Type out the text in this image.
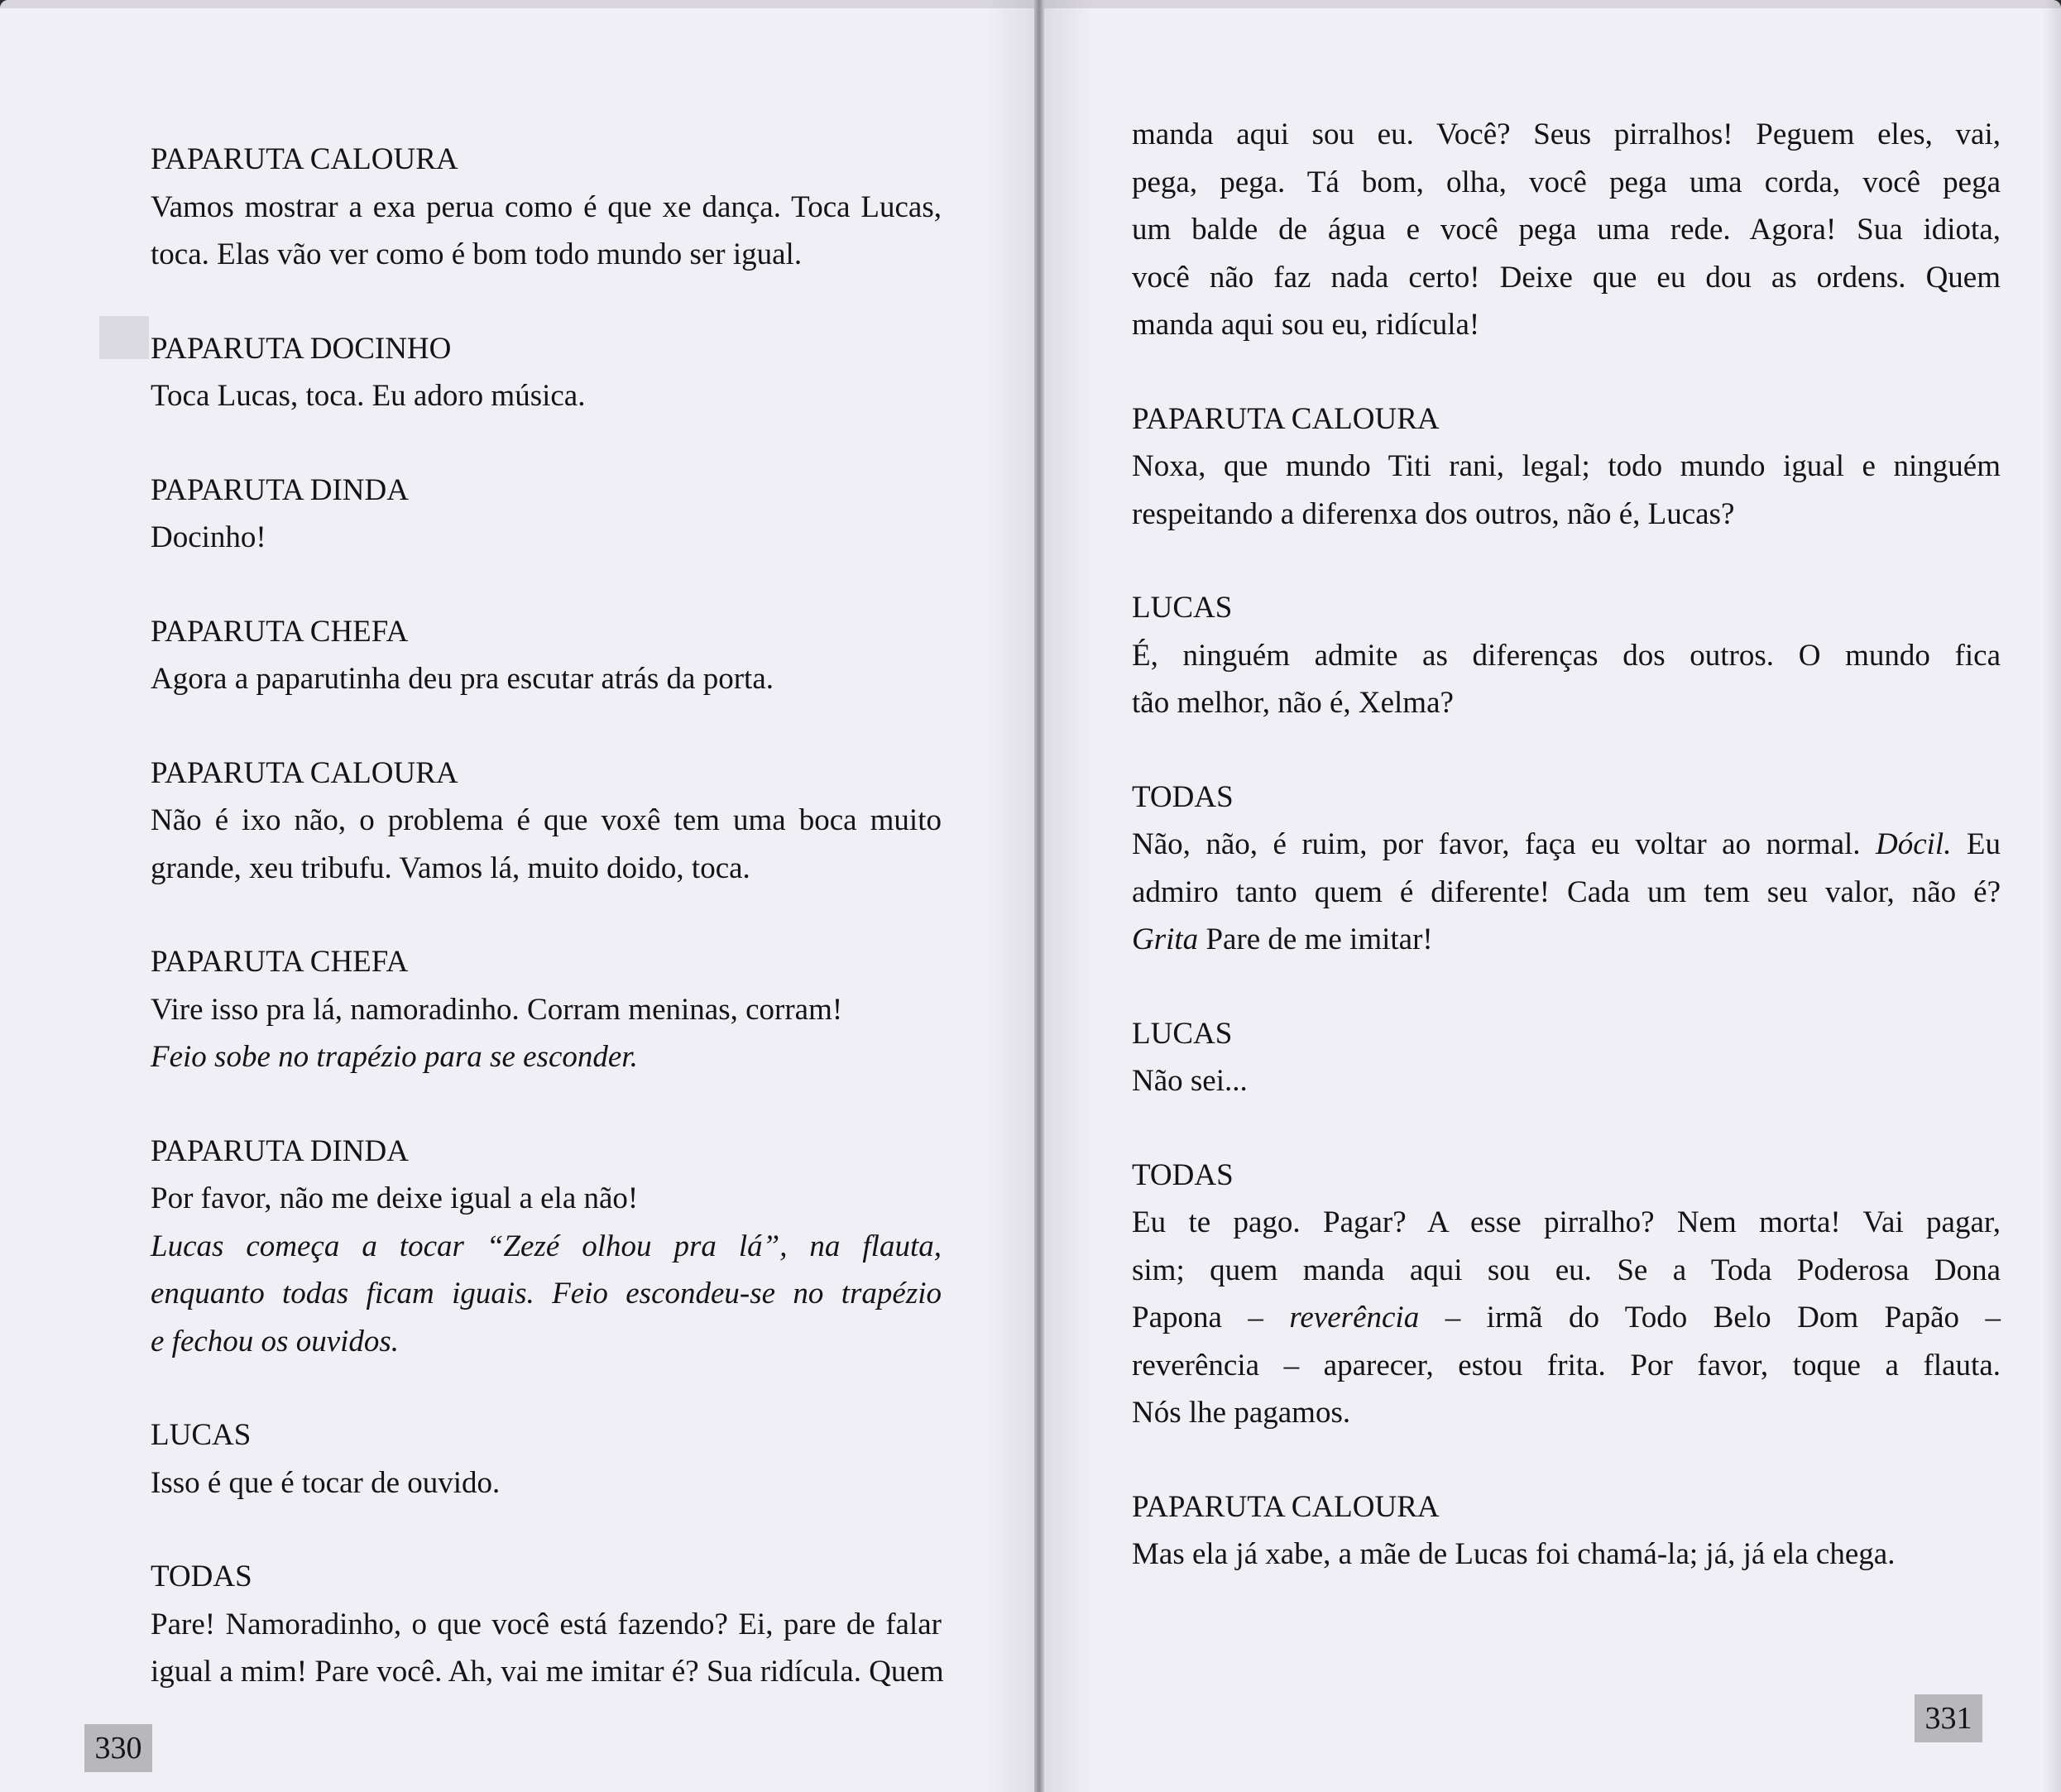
PAPARUTA CALOURA
Vamos mostrar a exa perua como é que xe dança. Toca Lucas,
toca. Elas vão ver como é bom todo mundo ser igual.
PAPARUTA DOCINHO
Toca Lucas, toca. Eu adoro música.
PAPARUTA DINDA
Docinho!
PAPARUTA CHEFA
Agora a paparutinha deu pra escutar atrás da porta.
PAPARUTA CALOURA
Não é ixo não, o problema é que voxê tem uma boca muito
grande, xeu tribufu. Vamos lá, muito doido, toca.
PAPARUTA CHEFA
Vire isso pra lá, namoradinho. Corram meninas, corram!
Feio sobe no trapézio para se esconder.
PAPARUTA DINDA
Por favor, não me deixe igual a ela não!
Lucas começa a tocar “Zezé olhou pra lá”, na flauta,
enquanto todas ficam iguais. Feio escondeu-se no trapézio
e fechou os ouvidos.
LUCAS
Isso é que é tocar de ouvido.
TODAS
Pare! Namoradinho, o que você está fazendo? Ei, pare de falar
igual a mim! Pare você. Ah, vai me imitar é? Sua ridícula. Quem
330
manda aqui sou eu. Você? Seus pirralhos! Peguem eles, vai,
pega, pega. Tá bom, olha, você pega uma corda, você pega
um balde de água e você pega uma rede. Agora! Sua idiota,
você não faz nada certo! Deixe que eu dou as ordens. Quem
manda aqui sou eu, ridícula!
PAPARUTA CALOURA
Noxa, que mundo Titi rani, legal; todo mundo igual e ninguém
respeitando a diferenxa dos outros, não é, Lucas?
LUCAS
É, ninguém admite as diferenças dos outros. O mundo fica
tão melhor, não é, Xelma?
TODAS
Não, não, é ruim, por favor, faça eu voltar ao normal. Dócil. Eu
admiro tanto quem é diferente! Cada um tem seu valor, não é?
Grita Pare de me imitar!
LUCAS
Não sei...
TODAS
Eu te pago. Pagar? A esse pirralho? Nem morta! Vai pagar,
sim; quem manda aqui sou eu. Se a Toda Poderosa Dona
Papona – reverência – irmã do Todo Belo Dom Papão –
reverência – aparecer, estou frita. Por favor, toque a flauta.
Nós lhe pagamos.
PAPARUTA CALOURA
Mas ela já xabe, a mãe de Lucas foi chamá-la; já, já ela chega.
331
